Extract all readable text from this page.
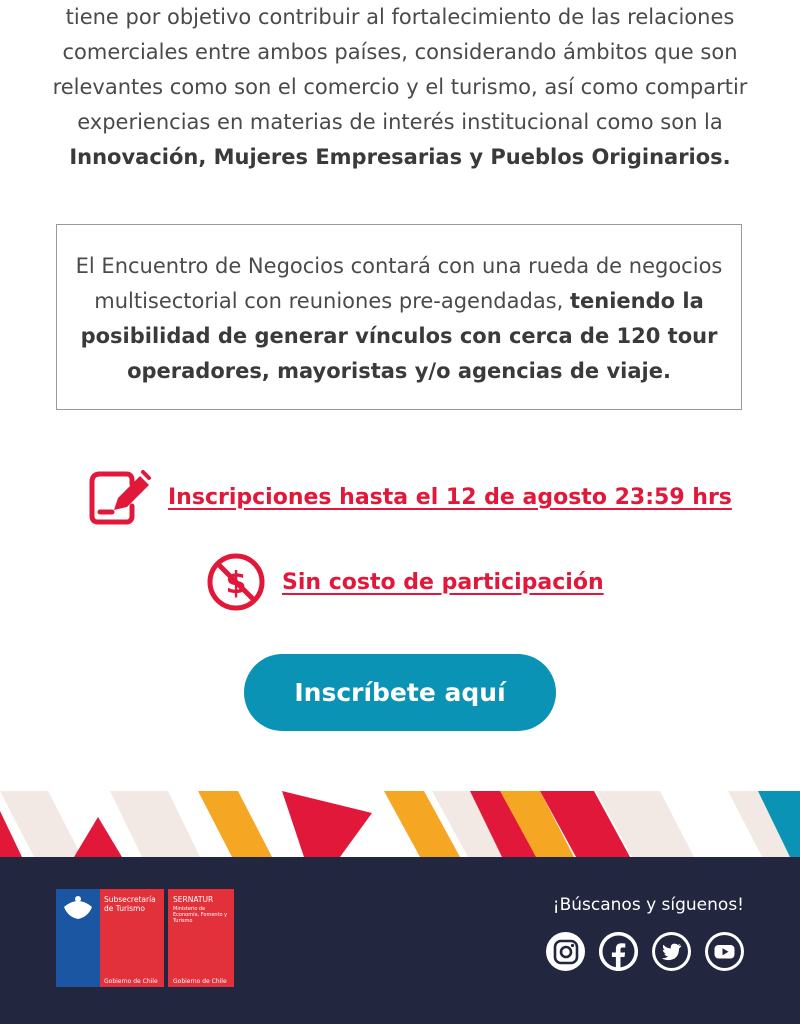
tiene por objetivo contribuir al fortalecimiento de las relaciones

comerciales entre ambos países, considerando ámbitos que son

relevantes como son el comercio y el turismo, así como compartir

experiencias en materias de interés institucional como son la

Innovación, Mujeres Empresarias y Pueblos Originarios.

El Encuentro de Negocios contará con una rueda de negocios
multisectorial con reuniones pre-agendadas, teniendo la
posibilidad de generar vínculos con cerca de 120 tour
operadores, mayoristas y/o agencias de viaje.
Inscripciones hasta el 12 de agosto 23:59 hrs
$ Sin costo de participación
Inscríbete aquí
Subsecretaría
de Turismo
Gobierno de Chile
SERNATUR
Ministerio de
Economía, Fomento y
Turismo
Gobierno de Chile
¡Búscanos y síguenos!
